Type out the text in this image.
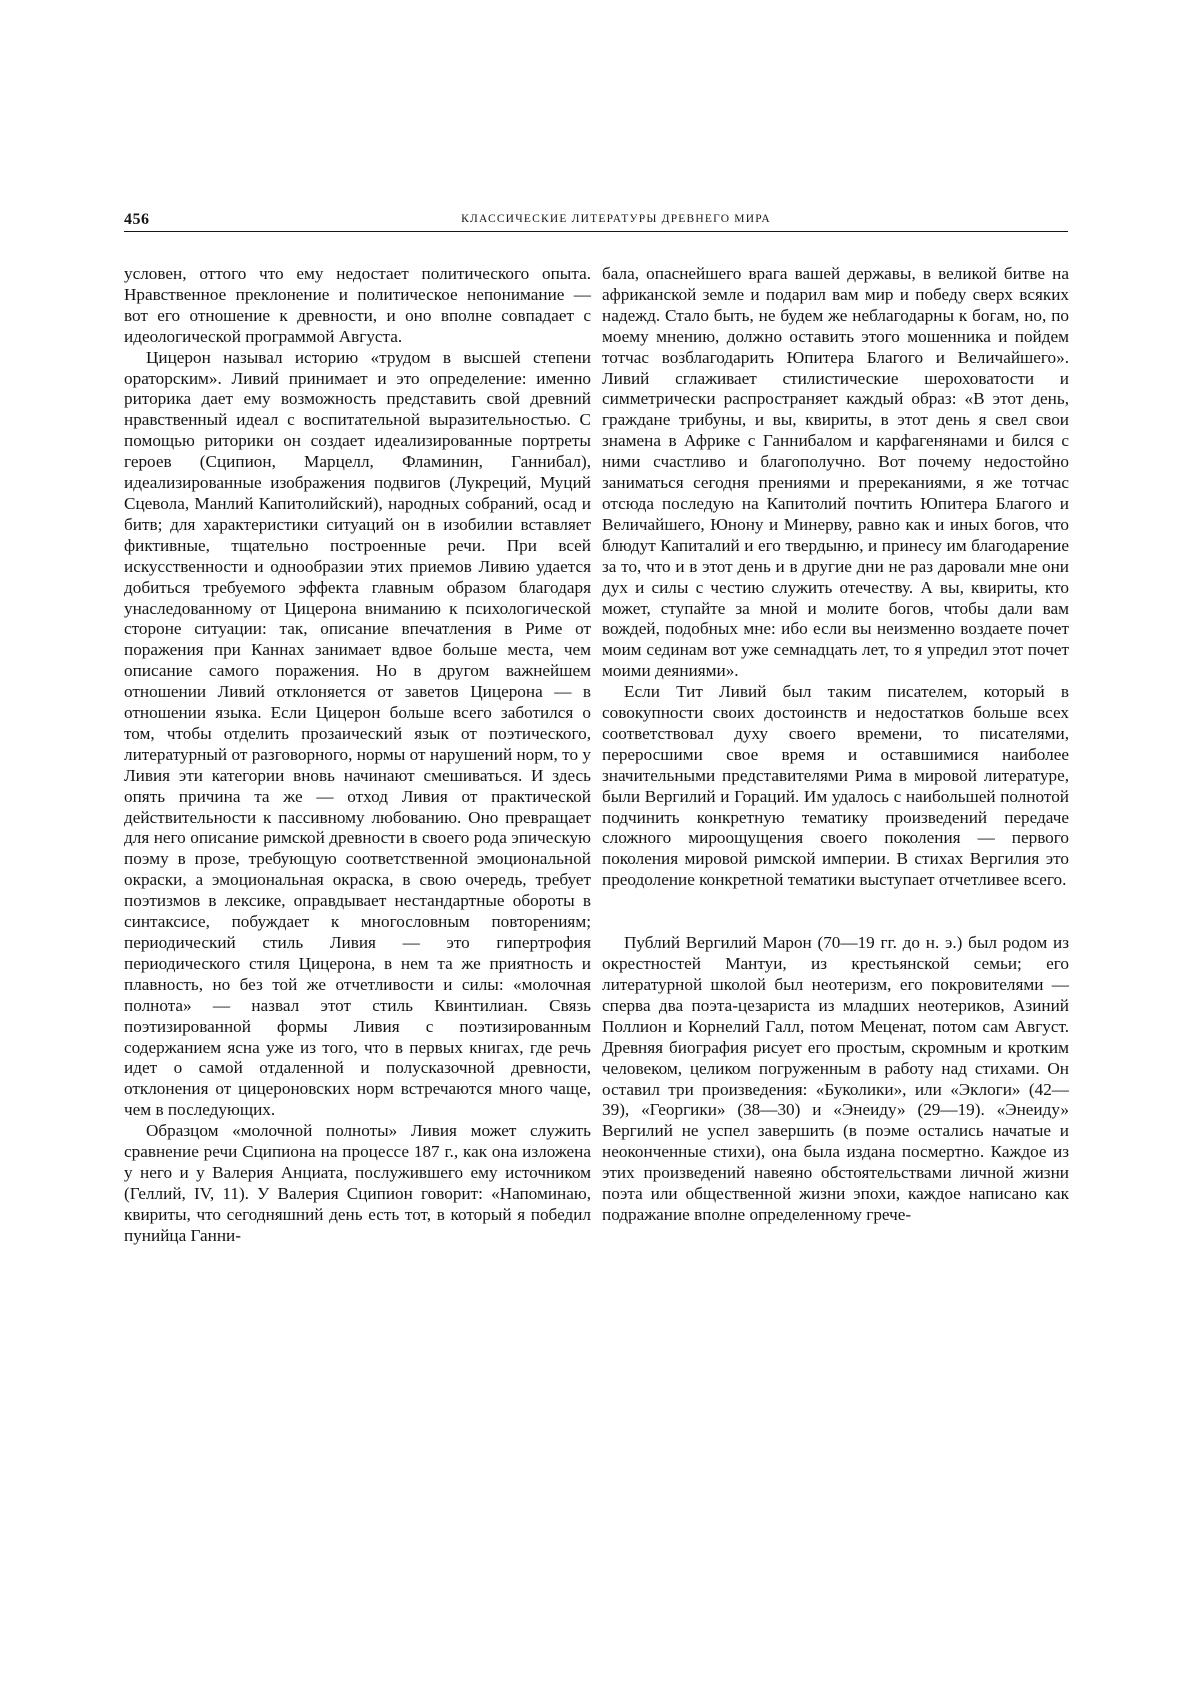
456	КЛАССИЧЕСКИЕ ЛИТЕРАТУРЫ ДРЕВНЕГО МИРА

условен, оттого что ему недостает политического опыта. Нравственное преклонение и политическое непонимание — вот его отношение к древности, и оно вполне совпадает с идеологической программой Августа.

Цицерон называл историю «трудом в высшей степени ораторским». Ливий принимает и это определение: именно риторика дает ему возможность представить свой древний нравственный идеал с воспитательной выразительностью. С помощью риторики он создает идеализированные портреты героев (Сципион, Марцелл, Фламинин, Ганнибал), идеализированные изображения подвигов (Лукреций, Муций Сцевола, Манлий Капитолийский), народных собраний, осад и битв; для характеристики ситуаций он в изобилии вставляет фиктивные, тщательно построенные речи. При всей искусственности и однообразии этих приемов Ливию удается добиться требуемого эффекта главным образом благодаря унаследованному от Цицерона вниманию к психологической стороне ситуации: так, описание впечатления в Риме от поражения при Каннах занимает вдвое больше места, чем описание самого поражения. Но в другом важнейшем отношении Ливий отклоняется от заветов Цицерона — в отношении языка. Если Цицерон больше всего заботился о том, чтобы отделить прозаический язык от поэтического, литературный от разговорного, нормы от нарушений норм, то у Ливия эти категории вновь начинают смешиваться. И здесь опять причина та же — отход Ливия от практической действительности к пассивному любованию. Оно превращает для него описание римской древности в своего рода эпическую поэму в прозе, требующую соответственной эмоциональной окраски, а эмоциональная окраска, в свою очередь, требует поэтизмов в лексике, оправдывает нестандартные обороты в синтаксисе, побуждает к многословным повторениям; периодический стиль Ливия — это гипертрофия периодического стиля Цицерона, в нем та же приятность и плавность, но без той же отчетливости и силы: «молочная полнота» — назвал этот стиль Квинтилиан. Связь поэтизированной формы Ливия с поэтизированным содержанием ясна уже из того, что в первых книгах, где речь идет о самой отдаленной и полусказочной древности, отклонения от цицероновских норм встречаются много чаще, чем в последующих.

Образцом «молочной полноты» Ливия может служить сравнение речи Сципиона на процессе 187 г., как она изложена у него и у Валерия Анциата, послужившего ему источником (Геллий, IV, 11). У Валерия Сципион говорит: «Напоминаю, квириты, что сегодняшний день есть тот, в который я победил пунийца Ганни-

бала, опаснейшего врага вашей державы, в великой битве на африканской земле и подарил вам мир и победу сверх всяких надежд. Стало быть, не будем же неблагодарны к богам, но, по моему мнению, должно оставить этого мошенника и пойдем тотчас возблагодарить Юпитера Благого и Величайшего». Ливий сглаживает стилистические шероховатости и симметрически распространяет каждый образ: «В этот день, граждане трибуны, и вы, квириты, в этот день я свел свои знамена в Африке с Ганнибалом и карфагенянами и бился с ними счастливо и благополучно. Вот почему недостойно заниматься сегодня прениями и пререканиями, я же тотчас отсюда последую на Капитолий почтить Юпитера Благого и Величайшего, Юнону и Минерву, равно как и иных богов, что блюдут Капиталий и его твердыню, и принесу им благодарение за то, что и в этот день и в другие дни не раз даровали мне они дух и силы с честию служить отечеству. А вы, квириты, кто может, ступайте за мной и молите богов, чтобы дали вам вождей, подобных мне: ибо если вы неизменно воздаете почет моим сединам вот уже семнадцать лет, то я упредил этот почет моими деяниями».

Если Тит Ливий был таким писателем, который в совокупности своих достоинств и недостатков больше всех соответствовал духу своего времени, то писателями, переросшими свое время и оставшимися наиболее значительными представителями Рима в мировой литературе, были Вергилий и Гораций. Им удалось с наибольшей полнотой подчинить конкретную тематику произведений передаче сложного мироощущения своего поколения — первого поколения мировой римской империи. В стихах Вергилия это преодоление конкретной тематики выступает отчетливее всего.

Публий Вергилий Марон (70—19 гг. до н. э.) был родом из окрестностей Мантуи, из крестьянской семьи; его литературной школой был неотеризм, его покровителями — сперва два поэта-цезариста из младших неотериков, Азиний Поллион и Корнелий Галл, потом Меценат, потом сам Август. Древняя биография рисует его простым, скромным и кротким человеком, целиком погруженным в работу над стихами. Он оставил три произведения: «Буколики», или «Эклоги» (42—39), «Георгики» (38—30) и «Энеиду» (29—19). «Энеиду» Вергилий не успел завершить (в поэме остались начатые и неоконченные стихи), она была издана посмертно. Каждое из этих произведений навеяно обстоятельствами личной жизни поэта или общественной жизни эпохи, каждое написано как подражание вполне определенному грече-
